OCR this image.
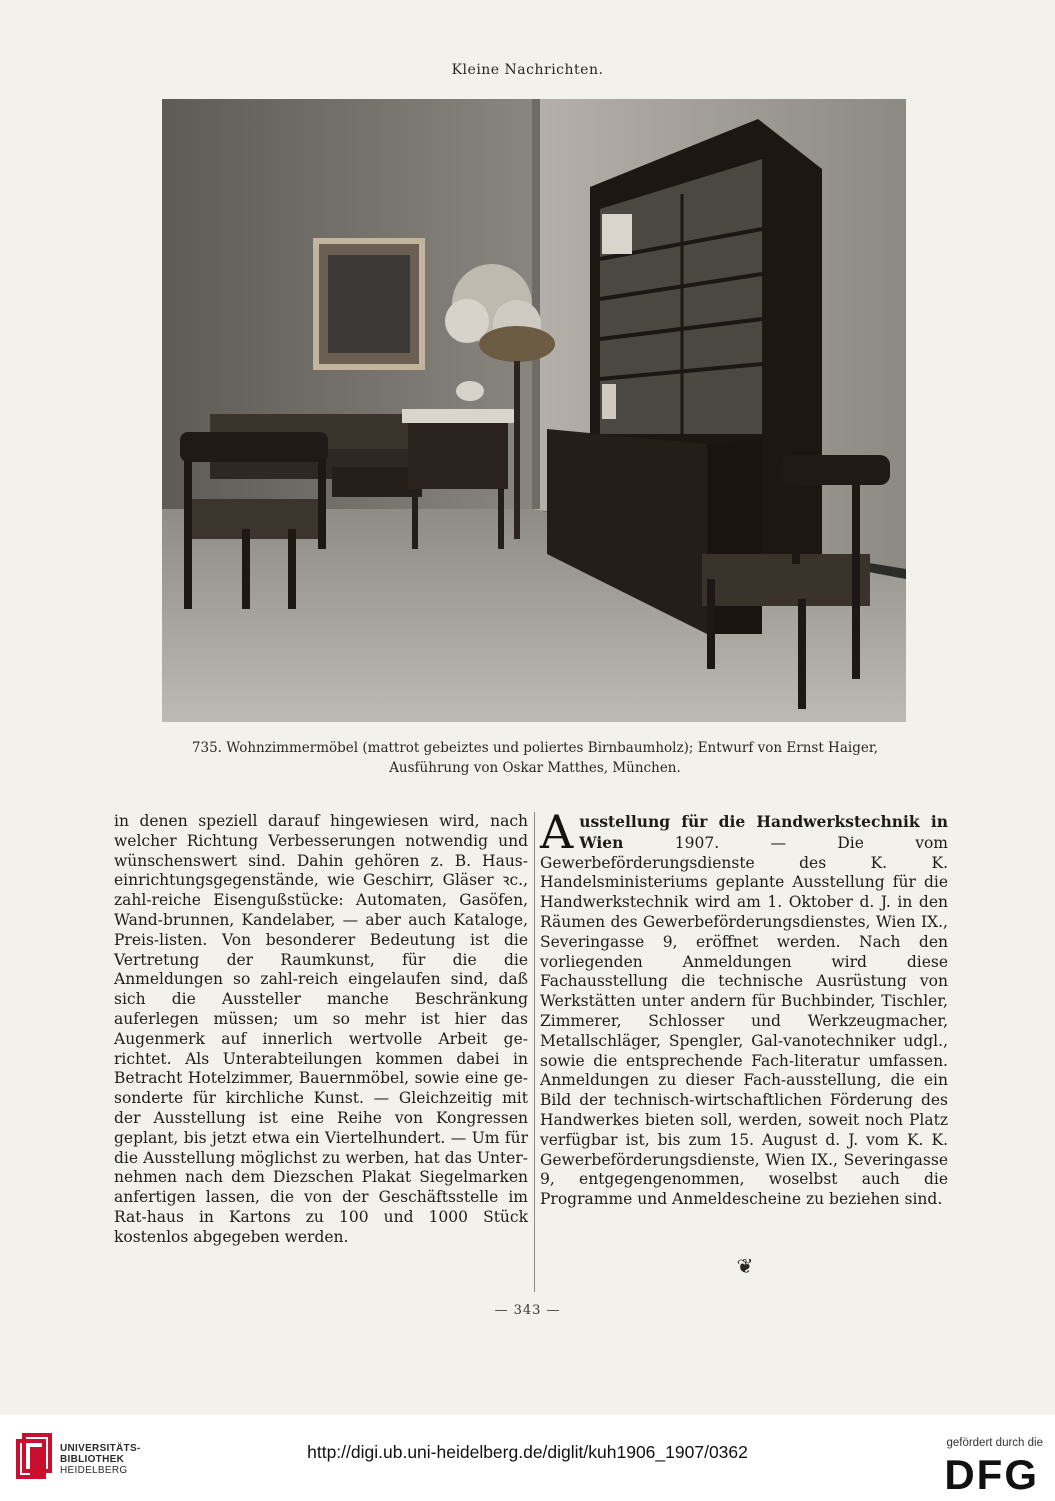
Kleine Nachrichten.
735. Wohnzimmermöbel (mattrot gebeiztes und poliertes Birnbaumholz); Entwurf von Ernst Haiger,
Ausführung von Oskar Matthes, München.

in denen speziell darauf hingewiesen wird, nach welcher Richtung Verbesserungen notwendig und wünschenswert sind. Dahin gehören z. B. Haus-einrichtungsgegenstände, wie Geschirr, Gläser ꝛc., zahl-reiche Eisengußstücke: Automaten, Gasöfen, Wand-brunnen, Kandelaber, — aber auch Kataloge, Preis-listen. Von besonderer Bedeutung ist die Vertretung der Raumkunst, für die die Anmeldungen so zahl-reich eingelaufen sind, daß sich die Aussteller manche Beschränkung auferlegen müssen; um so mehr ist hier das Augenmerk auf innerlich wertvolle Arbeit ge-richtet. Als Unterabteilungen kommen dabei in Betracht Hotelzimmer, Bauernmöbel, sowie eine ge-sonderte für kirchliche Kunst. — Gleichzeitig mit der Ausstellung ist eine Reihe von Kongressen geplant, bis jetzt etwa ein Viertelhundert. — Um für die Ausstellung möglichst zu werben, hat das Unter-nehmen nach dem Diezschen Plakat Siegelmarken anfertigen lassen, die von der Geschäftsstelle im Rat-haus in Kartons zu 100 und 1000 Stück kostenlos abgegeben werden.

A usstellung für die Handwerkstechnik in Wien	1907. — Die vom Gewerbeförderungsdienste des K. K. Handelsministeriums geplante Ausstellung für die Handwerkstechnik wird am 1. Oktober d. J. in den Räumen des Gewerbeförderungsdienstes, Wien IX., Severingasse 9, eröffnet werden. Nach den vorliegenden Anmeldungen wird diese Fachausstellung die technische Ausrüstung von Werkstätten unter andern für Buchbinder, Tischler, Zimmerer, Schlosser und Werkzeugmacher, Metallschläger, Spengler, Gal-vanotechniker udgl., sowie die entsprechende Fach-literatur umfassen. Anmeldungen zu dieser Fach-ausstellung, die ein Bild der technisch-wirtschaftlichen Förderung des Handwerkes bieten soll, werden, soweit noch Platz verfügbar ist, bis zum 15. August d. J. vom K. K. Gewerbeförderungsdienste, Wien IX., Severingasse 9, entgegengenommen, woselbst auch die Programme und Anmeldescheine zu beziehen sind.
❦
— 343 —
UNIVERSITÄTS-
BIBLIOTHEK
HEIDELBERG
http://digi.ub.uni-heidelberg.de/diglit/kuh1906_1907/0362	gefördert durch die
DFG
